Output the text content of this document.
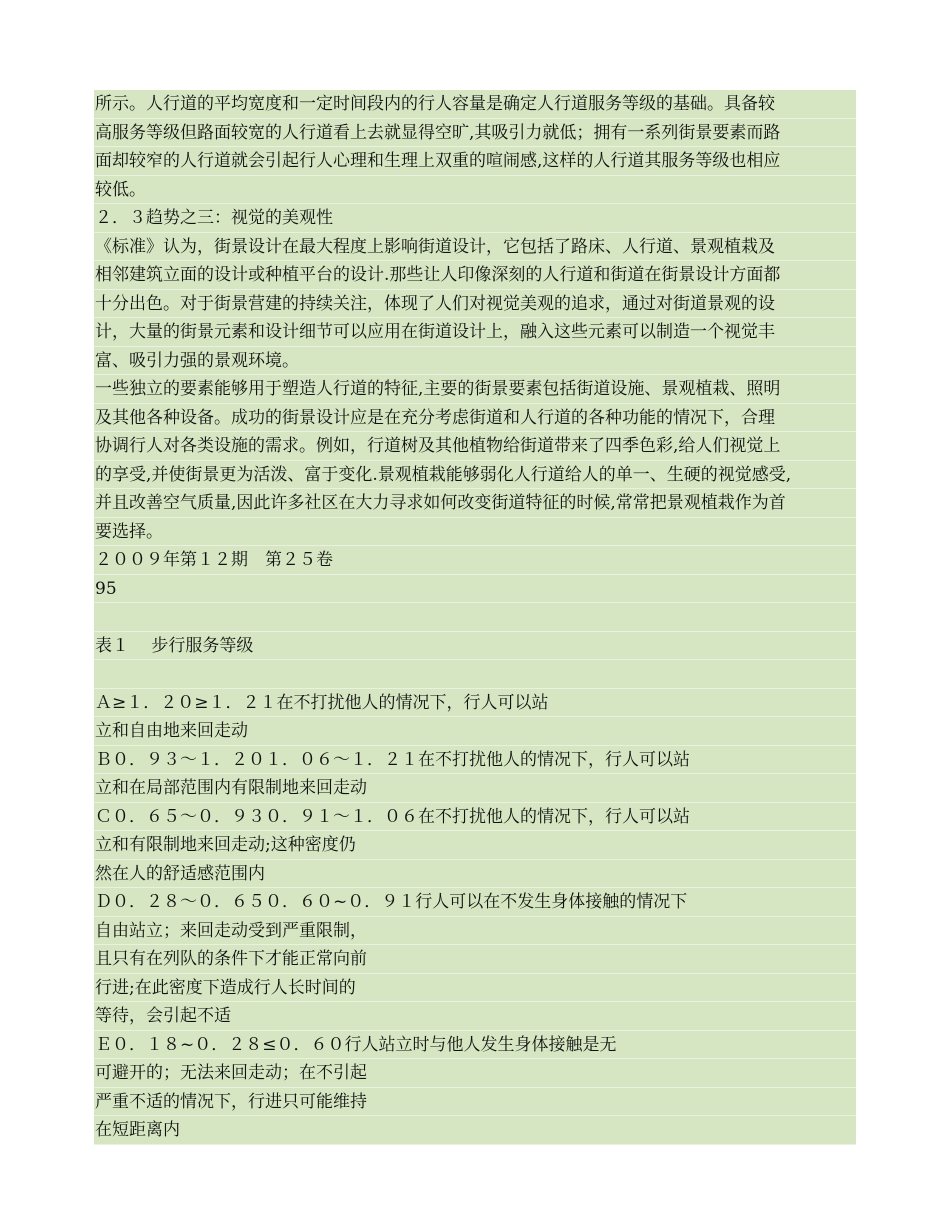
所示。人行道的平均宽度和一定时间段内的行人容量是确定人行道服务等级的基础。具备较
高服务等级但路面较宽的人行道看上去就显得空旷,其吸引力就低；拥有一系列街景要素而路
面却较窄的人行道就会引起行人心理和生理上双重的喧闹感,这样的人行道其服务等级也相应
较低。
２．３趋势之三：视觉的美观性
《标准》认为，街景设计在最大程度上影响街道设计，它包括了路床、人行道、景观植栽及
相邻建筑立面的设计或种植平台的设计.那些让人印像深刻的人行道和街道在街景设计方面都
十分出色。对于街景营建的持续关注，体现了人们对视觉美观的追求，通过对街道景观的设
计，大量的街景元素和设计细节可以应用在街道设计上，融入这些元素可以制造一个视觉丰
富、吸引力强的景观环境。
一些独立的要素能够用于塑造人行道的特征,主要的街景要素包括街道设施、景观植栽、照明
及其他各种设备。成功的街景设计应是在充分考虑街道和人行道的各种功能的情况下，合理
协调行人对各类设施的需求。例如，行道树及其他植物给街道带来了四季色彩,给人们视觉上
的享受,并使街景更为活泼、富于变化.景观植栽能够弱化人行道给人的单一、生硬的视觉感受,
并且改善空气质量,因此许多社区在大力寻求如何改变街道特征的时候,常常把景观植栽作为首
要选择。
２００９年第１２期　第２５卷
95
表１　 步行服务等级
Ａ≥１．２０≥１．２１在不打扰他人的情况下，行人可以站
立和自由地来回走动
Ｂ０．９３～１．２０１．０６～１．２１在不打扰他人的情况下，行人可以站
立和在局部范围内有限制地来回走动
Ｃ０．６５～０．９３０．９１～１．０６在不打扰他人的情况下，行人可以站
立和有限制地来回走动;这种密度仍
然在人的舒适感范围内
Ｄ０．２８～０．６５０．６０~０．９１行人可以在不发生身体接触的情况下
自由站立；来回走动受到严重限制，
且只有在列队的条件下才能正常向前
行进;在此密度下造成行人长时间的
等待，会引起不适
Ｅ０．１８~０．２８≤０．６０行人站立时与他人发生身体接触是无
可避开的；无法来回走动；在不引起
严重不适的情况下，行进只可能维持
在短距离内
